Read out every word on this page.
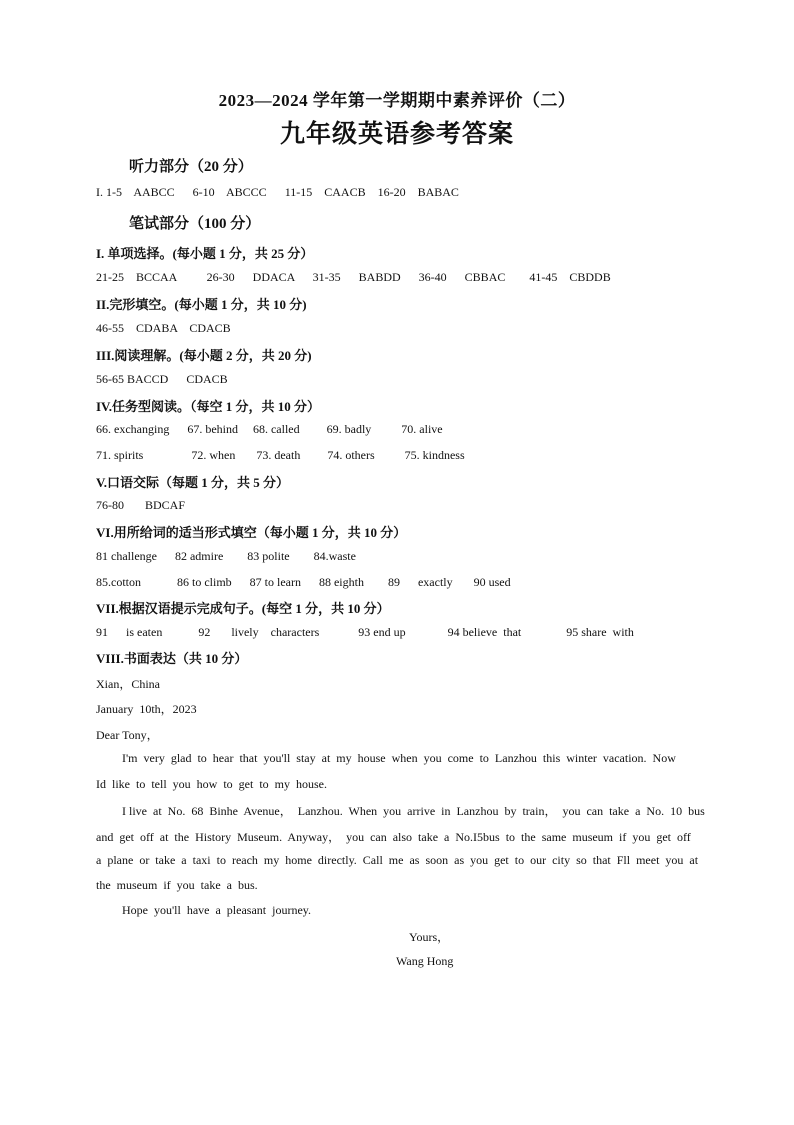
2023—2024 学年第一学期期中素养评价（二）
九年级英语参考答案
听力部分（20 分）
I. 1-5    AABCC      6-10    ABCCC      11-15    CAACB    16-20    BABAC
笔试部分（100 分）
I. 单项选择。(每小题 1 分，共 25 分）
21-25    BCCAA          26-30      DDACA      31-35      BABDD      36-40      CBBAC        41-45    CBDDB
II.完形填空。(每小题 1 分，共 10 分)
46-55    CDABA    CDACB
III.阅读理解。(每小题 2 分，共 20 分)
56-65 BACCD      CDACB
IV.任务型阅读。（每空 1 分，共 10 分）
66. exchanging      67. behind     68. called         69. badly          70. alive
71. spirits                72. when       73. death         74. others          75. kindness
V.口语交际（每题 1 分，共 5 分）
76-80       BDCAF
VI.用所给词的适当形式填空（每小题 1 分，共 10 分）
81 challenge      82 admire        83 polite        84.waste
85.cotton            86 to climb      87 to learn      88 eighth        89      exactly       90 used
VII.根据汉语提示完成句子。(每空 1 分，共 10 分）
91      is eaten            92       lively    characters             93 end up              94 believe  that               95 share  with
VIII.书面表达（共 10 分）
Xian，China
January  10th，2023
Dear Tony，
I'm  very  glad  to  hear  that  you'll  stay  at  my  house  when  you  come  to  Lanzhou  this  winter  vacation.  Now
Id  like  to  tell  you  how  to  get  to  my  house.
I live  at  No.  68  Binhe  Avenue，  Lanzhou.  When  you  arrive  in  Lanzhou  by  train，  you  can  take  a  No.  10  bus
and  get  off  at  the  History  Museum.  Anyway，  you  can  also  take  a  No.I5bus  to  the  same  museum  if  you  get  off
a  plane  or  take  a  taxi  to  reach  my  home  directly.  Call  me  as  soon  as  you  get  to  our  city  so  that  Fll  meet  you  at
the  museum  if  you  take  a  bus.
Hope  you'll  have  a  pleasant  journey.
Yours，
Wang Hong
